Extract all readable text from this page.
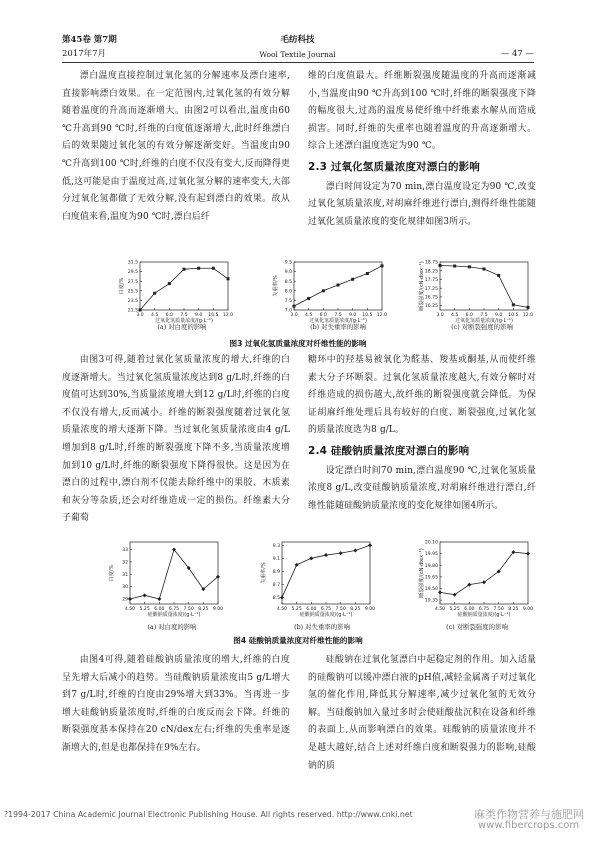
第45卷 第7期
2017年7月
毛纺科技
Wool Textile Journal	— 47 —

漂白温度直接控制过氧化氢的分解速率及漂白速率,直接影响漂白效果。在一定范围内,过氧化氢的有效分解随着温度的升高而逐渐增大。由图2可以看出,温度由60 ℃升高到90 ℃时,纤维的白度值逐渐增大,此时纤维漂白后的效果随过氧化氢的有效分解逐渐变好。当温度由90 ℃升高到100 ℃时,纤维的白度不仅没有变大,反而降得更低,这可能是由于温度过高,过氧化氢分解的速率变大,大部分过氧化氢都做了无效分解,没有起到漂白的效果。故从白度值来看,温度为90 ℃时,漂白后纤

维的白度值最大。纤维断裂强度随温度的升高而逐渐减小,当温度由90 ℃升高到100 ℃时,纤维的断裂强度下降的幅度很大,过高的温度易使纤维中纤维素水解从而造成损害。同时,纤维的失重率也随着温度的升高逐渐增大。综合上述漂白温度选定为90 ℃。

2.3 过氧化氢质量浓度对漂白的影响

漂白时间设定为70 min,漂白温度设定为90 ℃,改变过氧化氢质量浓度,对胡麻纤维进行漂白,测得纤维性能随过氧化氢质量浓度的变化规律如图3所示。

3.0 4.5 6.0 7.5 9.0 10.5 12.0
21.5
23.5
25.5
27.5
29.5
31.5
过氧化氢质量浓度/(g·L⁻¹)
白度/%
3.0 4.5 6.0 7.5 9.0 10.5 12.0
7.0
7.5
8.0
8.5
9.0
9.5
过氧化氢质量浓度/(g·L⁻¹)
失重率/%
3.0 4.5 6.0 7.5 9.0 10.5 12.0
16.25
16.75
17.25
17.75
18.25
18.75
过氧化氢质量浓度/(g·L⁻¹)
断裂强度/(cN·dtex⁻¹)
(a) 对白度的影响	(b) 对失重率的影响	(c) 对断裂强度的影响
图3 过氧化氢质量浓度对纤维性能的影响

由图3可得,随着过氧化氢质量浓度的增大,纤维的白度逐渐增大。当过氧化氢质量浓度达到8 g/L时,纤维的白度值可达到30%,当质量浓度增大到12 g/L时,纤维的白度不仅没有增大,反而减小。纤维的断裂强度随着过氧化氢质量浓度的增大逐渐下降。当过氧化氢质量浓度由4 g/L增加到8 g/L时,纤维的断裂强度下降不多,当质量浓度增加到10 g/L时,纤维的断裂强度下降得很快。这是因为在漂白的过程中,漂白剂不仅能去除纤维中的果胶、木质素和灰分等杂质,还会对纤维造成一定的损伤。纤维素大分子葡萄

糖环中的羟基易被氧化为醛基、羧基或酮基,从而使纤维素大分子环断裂。过氧化氢质量浓度越大,有效分解时对纤维造成的损伤越大,故纤维的断裂强度就会降低。为保证胡麻纤维处理后具有较好的白度、断裂强度,过氧化氢的质量浓度选为8 g/L。

2.4 硅酸钠质量浓度对漂白的影响

设定漂白时间70 min,漂白温度90 ℃,过氧化氢质量浓度8 g/L,改变硅酸钠质量浓度,对胡麻纤维进行漂白,纤维性能随硅酸钠质量浓度的变化规律如图4所示。

4.50 5.25 6.00 6.75 7.50 8.25 9.00
29
30
31
32
33
硅酸钠质量浓度/(g·L⁻¹)
白度/%
4.50 5.25 6.00 6.75 7.50 8.25 9.00
8.5
8.7
8.9
9.1
9.3
硅酸钠质量浓度/(g·L⁻¹)
失重率/%
4.50 5.25 6.00 6.75 7.50 8.25 9.00
19.35
19.50
19.65
19.80
19.95
20.10
硅酸钠质量浓度/(g·L⁻¹)
断裂强度/(cN·dtex⁻¹)
(a) 对白度的影响	(b) 对失重率的影响	(c) 对断裂强度的影响
图4 硅酸钠质量浓度对纤维性能的影响

由图4可得,随着硅酸钠质量浓度的增大,纤维的白度呈先增大后减小的趋势。当硅酸钠质量浓度由5 g/L增大到7 g/L时,纤维的白度由29%增大到33%。当再进一步增大硅酸钠质量浓度时,纤维的白度反而会下降。纤维的断裂强度基本保持在20 cN/dex左右;纤维的失重率是逐渐增大的,但是也都保持在9%左右。

硅酸钠在过氧化氢漂白中起稳定剂的作用。加入适量的硅酸钠可以缓冲漂白液的pH值,减轻金属离子对过氧化氢的催化作用,降低其分解速率,减少过氧化氢的无效分解。当硅酸钠加入量过多时会使硅酸盐沉积在设备和纤维的表面上,从而影响漂白的效果。硅酸钠的质量浓度并不是越大越好,结合上述对纤维白度和断裂强力的影响,硅酸钠的质

?1994-2017 China Academic Journal Electronic Publishing House. All rights reserved. http://www.cnki.net	麻类作物营养与施肥网
www.fibercrops.com
